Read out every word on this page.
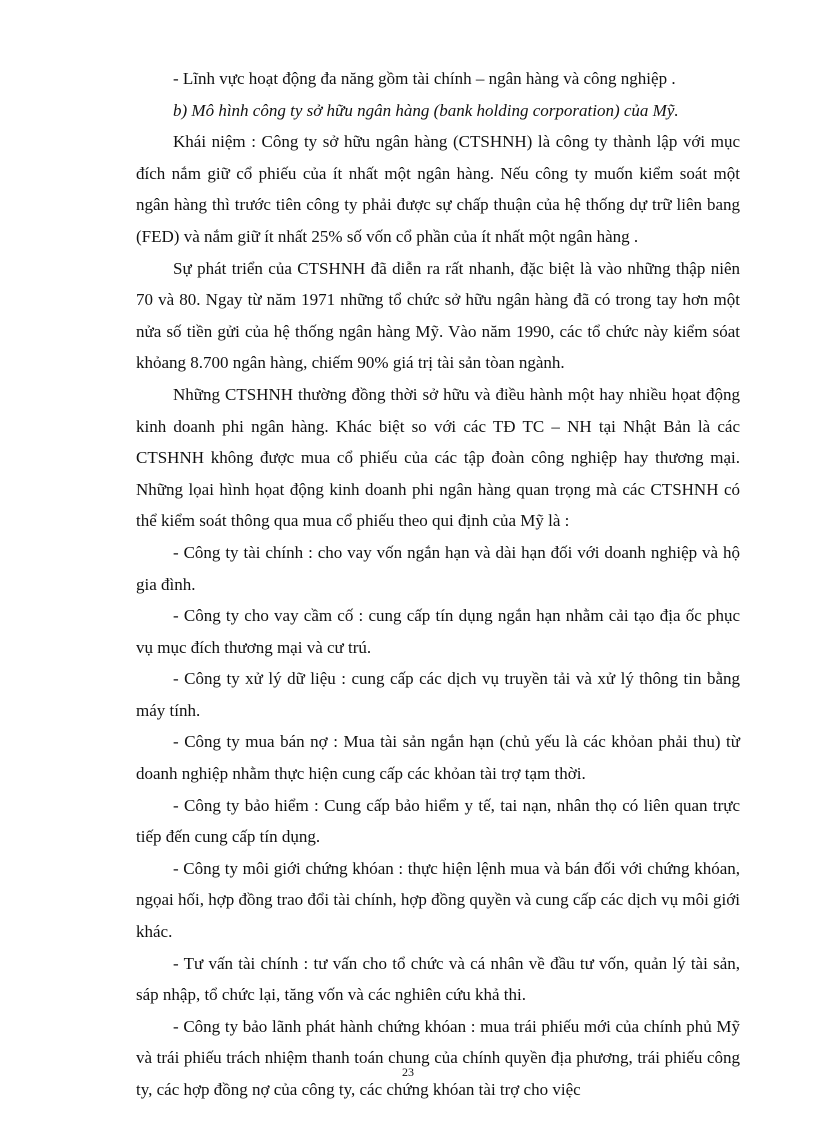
- Lĩnh vực hoạt động đa năng gồm tài chính – ngân hàng và công nghiệp .

b) Mô hình công ty sở hữu ngân hàng (bank holding corporation) của Mỹ.

Khái niệm : Công ty sở hữu ngân hàng (CTSHNH) là công ty thành lập với mục đích nắm giữ cổ phiếu của ít nhất một ngân hàng. Nếu công ty muốn kiểm soát một ngân hàng thì trước tiên công ty phải được sự chấp thuận của hệ thống dự trữ liên bang (FED) và nắm giữ ít nhất 25% số vốn cổ phần của ít nhất một ngân hàng .

Sự phát triển của CTSHNH đã diễn ra rất nhanh, đặc biệt là vào những thập niên 70 và 80. Ngay từ năm 1971 những tổ chức sở hữu ngân hàng đã có trong tay hơn một nửa số tiền gửi của hệ thống ngân hàng Mỹ. Vào năm 1990, các tổ chức này kiểm sóat khỏang 8.700 ngân hàng, chiếm 90% giá trị tài sản tòan ngành.

Những CTSHNH thường đồng thời sở hữu và điều hành một hay nhiều họat động kinh doanh phi ngân hàng. Khác biệt so với các TĐ TC – NH tại Nhật Bản là các CTSHNH không được mua cổ phiếu của các tập đoàn công nghiệp hay thương mại. Những lọai hình họat động kinh doanh phi ngân hàng quan trọng mà các CTSHNH có thể kiểm soát thông qua mua cổ phiếu theo qui định của Mỹ là :

- Công ty tài chính : cho vay vốn ngắn hạn và dài hạn đối với doanh nghiệp và hộ gia đình.

- Công ty cho vay cầm cố : cung cấp tín dụng ngắn hạn nhằm cải tạo địa ốc phục vụ mục đích thương mại và cư trú.

- Công ty xử lý dữ liệu : cung cấp các dịch vụ truyền tải và xử lý thông tin bằng máy tính.

- Công ty mua bán nợ : Mua tài sản ngắn hạn (chủ yếu là các khỏan phải thu) từ doanh nghiệp nhằm thực hiện cung cấp các khỏan tài trợ tạm thời.

- Công ty bảo hiểm : Cung cấp bảo hiểm y tế, tai nạn, nhân thọ có liên quan trực tiếp đến cung cấp tín dụng.

- Công ty môi giới chứng khóan : thực hiện lệnh mua và bán đối với chứng khóan, ngọai hối, hợp đồng trao đổi tài chính, hợp đồng quyền và cung cấp các dịch vụ môi giới khác.

- Tư vấn tài chính : tư vấn cho tổ chức và cá nhân về đầu tư vốn, quản lý tài sản, sáp nhập, tổ chức lại, tăng vốn và các nghiên cứu khả thi.

- Công ty bảo lãnh phát hành chứng khóan : mua trái phiếu mới của chính phủ Mỹ và trái phiếu trách nhiệm thanh toán chung của chính quyền địa phương, trái phiếu công ty, các hợp đồng nợ của công ty, các chứng khóan tài trợ cho việc

23
